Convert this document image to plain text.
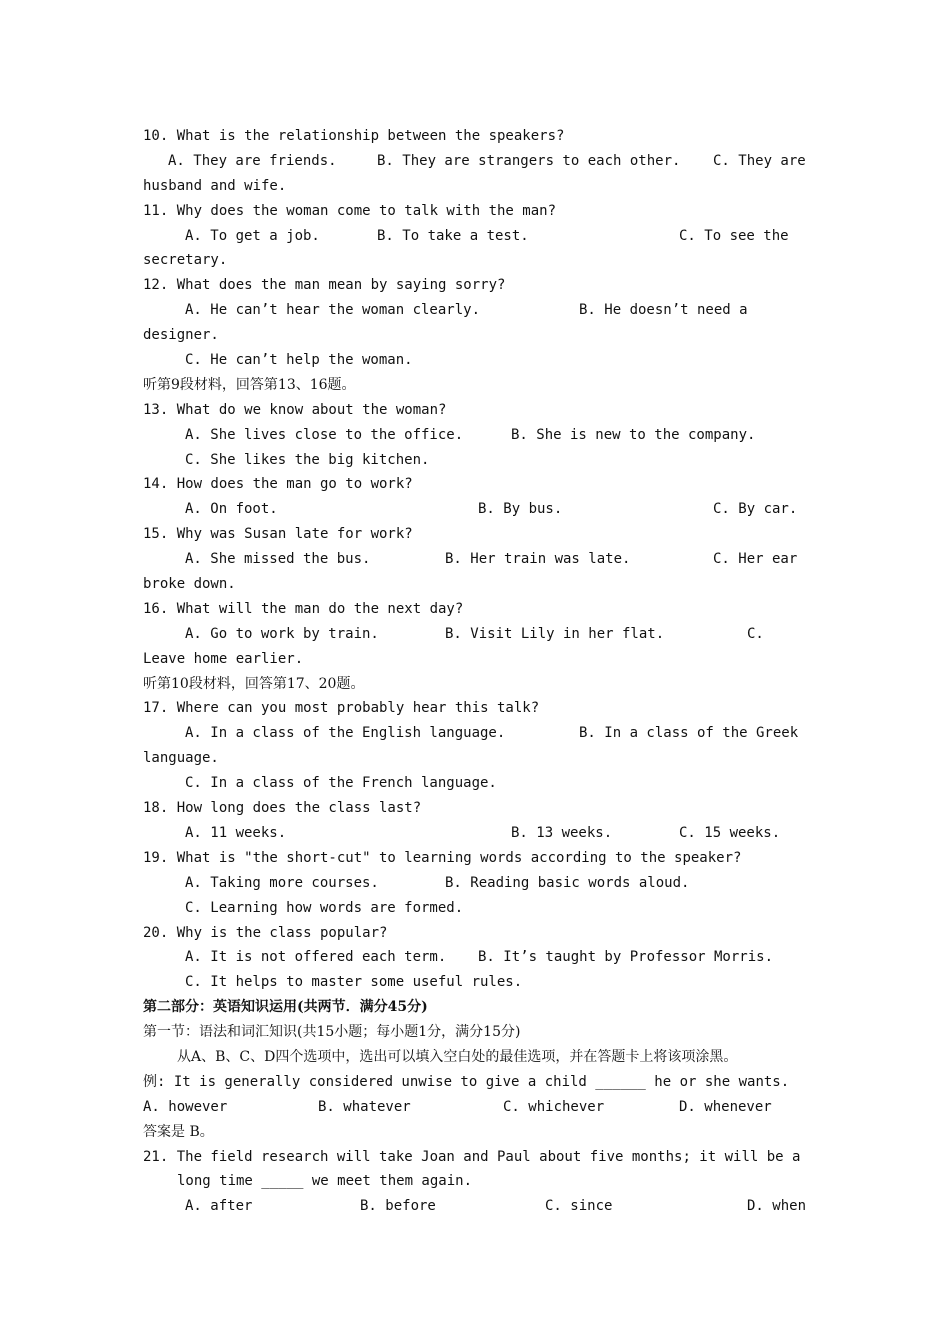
10. What is the relationship between the speakers?

A. They are friends.

	B. They are strangers to each other.

C. They are

husband and wife.
11. Why does the woman come to talk with the man?

A. To get a job.

	B. To take a test.

	C. To see the

secretary.
12. What does the man mean by saying sorry?

A. He can’t hear the woman clearly.

	B. He doesn’t need a

designer.
C. He can’t help the woman.
听第9段材料，回答第13、16题。
13. What do we know about the woman?

A. She lives close to the office.

	B. She is new to the company.

C. She likes the big kitchen.
14. How does the man go to work?

A. On foot.

	B. By bus.

	C. By car.

15. Why was Susan late for work?

A. She missed the bus.

	B. Her train was late.

	C. Her ear

broke down.
16. What will the man do the next day?

A. Go to work by train.

	B. Visit Lily in her flat.

	C.

Leave home earlier.
听第10段材料，回答第17、20题。
17. Where can you most probably hear this talk?

A. In a class of the English language.

	B. In a class of the Greek

language.
C. In a class of the French language.
18. How long does the class last?

A. 11 weeks.

	B. 13 weeks.

	C. 15 weeks.

19. What is "the short-cut" to learning words according to the speaker?

A. Taking more courses.

	B. Reading basic words aloud.

C. Learning how words are formed.
20. Why is the class popular?

A. It is not offered each term.

B. It’s taught by Professor Morris.

C. It helps to master some useful rules.
第二部分：英语知识运用(共两节．满分45分)
第一节：语法和词汇知识(共15小题；每小题1分，满分15分)
从A、B、C、D四个选项中，选出可以填入空白处的最佳选项，并在答题卡上将该项涂黑。
例: It is generally considered unwise to give a child ______ he or she wants.

A. however

	B. whatever

	C. whichever

	D. whenever

答案是 B。
21. The field research will take Joan and Paul about five months; it will be a
long time _____ we meet them again.

A. after

	B. before

	C. since

	D. when
